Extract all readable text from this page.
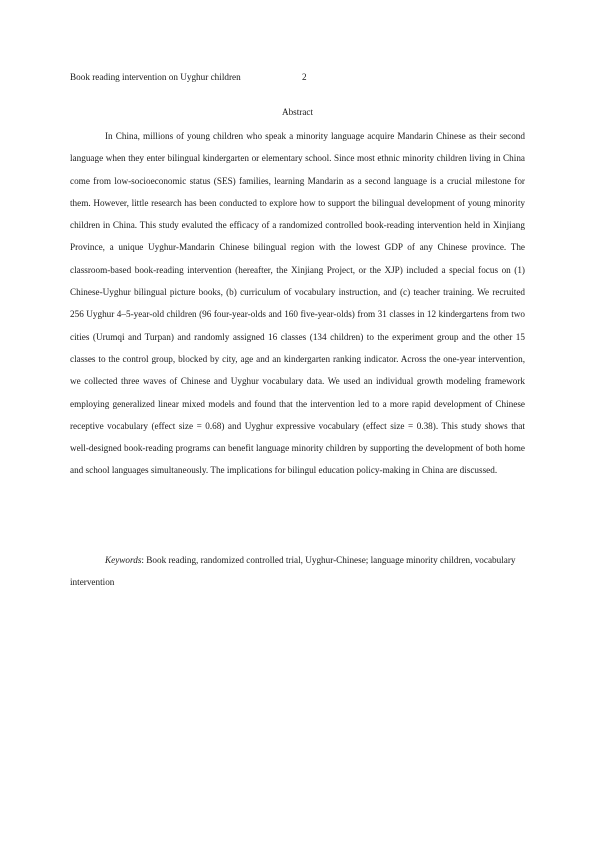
Book reading intervention on Uyghur children	2
Abstract

In China, millions of young children who speak a minority language acquire Mandarin Chinese as their second language when they enter bilingual kindergarten or elementary school. Since most ethnic minority children living in China come from low-socioeconomic status (SES) families, learning Mandarin as a second language is a crucial milestone for them. However, little research has been conducted to explore how to support the bilingual development of young minority children in China. This study evaluted the efficacy of a randomized controlled book-reading intervention held in Xinjiang Province, a unique Uyghur-Mandarin Chinese bilingual region with the lowest GDP of any Chinese province. The classroom-based book-reading intervention (hereafter, the Xinjiang Project, or the XJP) included a special focus on (1) Chinese-Uyghur bilingual picture books, (b) curriculum of vocabulary instruction, and (c) teacher training. We recruited 256 Uyghur 4–5-year-old children (96 four-year-olds and 160 five-year-olds) from 31 classes in 12 kindergartens from two cities (Urumqi and Turpan) and randomly assigned 16 classes (134 children) to the experiment group and the other 15 classes to the control group, blocked by city, age and an kindergarten ranking indicator. Across the one-year intervention, we collected three waves of Chinese and Uyghur vocabulary data. We used an individual growth modeling framework employing generalized linear mixed models and found that the intervention led to a more rapid development of Chinese receptive vocabulary (effect size = 0.68) and Uyghur expressive vocabulary (effect size = 0.38). This study shows that well-designed book-reading programs can benefit language minority children by supporting the development of both home and school languages simultaneously. The implications for bilingul education policy-making in China are discussed.

Keywords: Book reading, randomized controlled trial, Uyghur-Chinese; language minority children, vocabulary intervention
